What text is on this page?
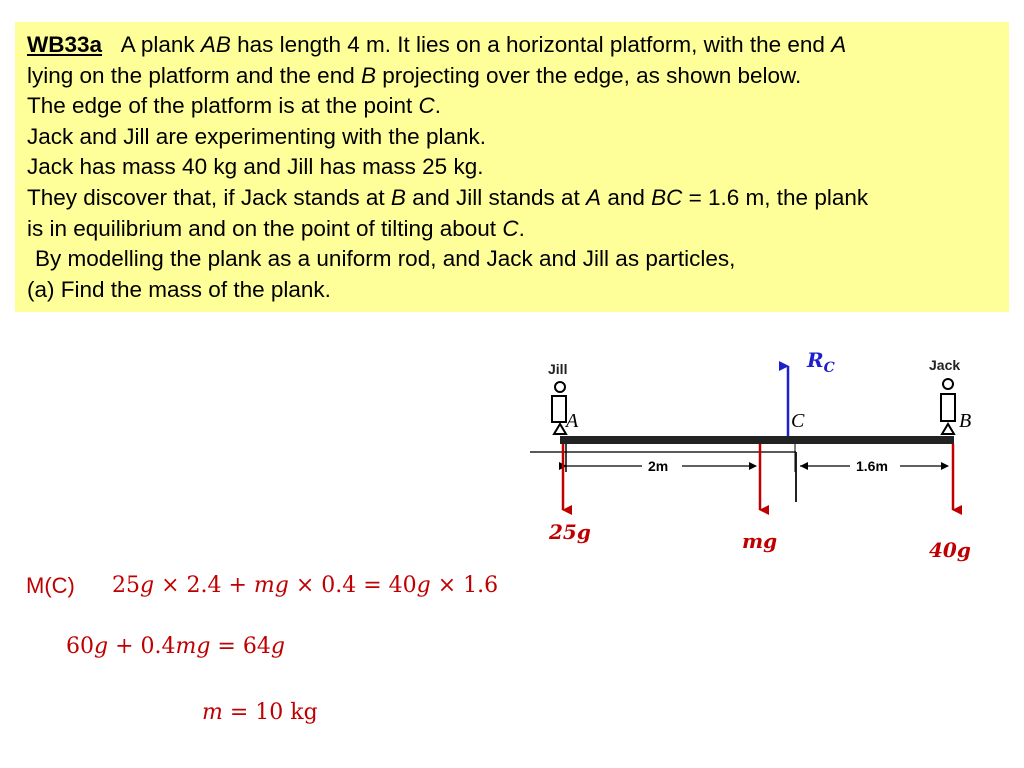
WB33a A plank AB has length 4 m. It lies on a horizontal platform, with the end A
lying on the platform and the end B projecting over the edge, as shown below.
The edge of the platform is at the point C.
Jack and Jill are experimenting with the plank.
Jack has mass 40 kg and Jill has mass 25 kg.
They discover that, if Jack stands at B and Jill stands at A and BC = 1.6 m, the plank
is in equilibrium and on the point of tilting about C.
By modelling the plank as a uniform rod, and Jack and Jill as particles,
(a) Find the mass of the plank.
Jill	Jack
A	C	B
$R_C$
2m	1.6m
25g	mg	40g
M(C) 25𝑔 × 2.4 + 𝑚𝑔 × 0.4 = 40𝑔 × 1.6
60𝑔 + 0.4𝑚𝑔 = 64𝑔
𝑚 = 10 kg
